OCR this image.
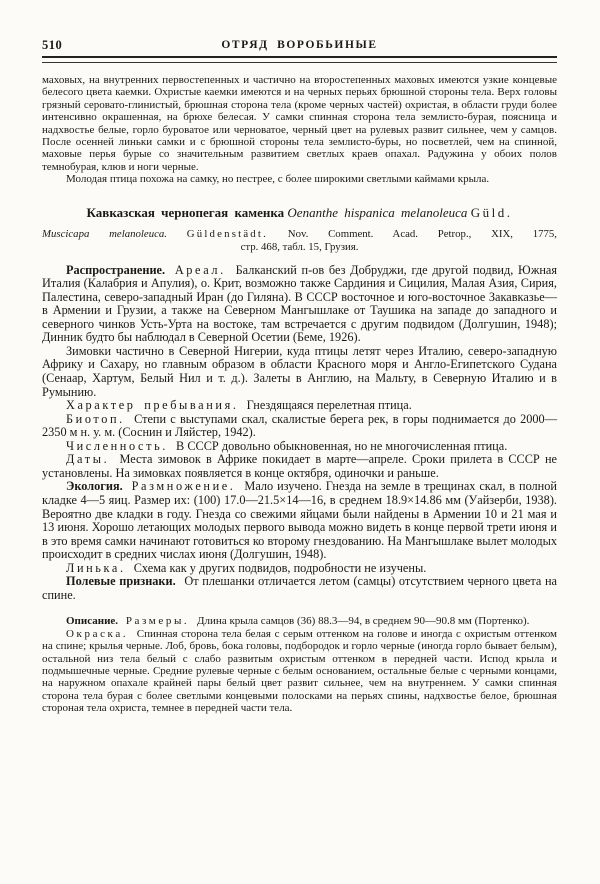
510	ОТРЯД ВОРОБЬИНЫЕ

маховых, на внутренних первостепенных и частично на второстепенных маховых имеются узкие концевые белесого цвета каемки. Охристые каемки имеются и на черных перьях брюшной стороны тела. Верх головы грязный серовато-глинистый, брюшная сторона тела (кроме черных частей) охристая, в области груди более интенсивно окрашенная, на брюхе белесая. У самки спинная сторона тела землисто-бурая, поясница и надхвостье белые, горло буроватое или черноватое, черный цвет на рулевых развит сильнее, чем у самцов. После осенней линьки самки и с брюшной стороны тела землисто-буры, но посветлей, чем на спинной, маховые перья бурые со значительным развитием светлых краев опахал. Радужина у обоих полов темнобурая, клюв и ноги черные.

Молодая птица похожа на самку, но пестрее, с более широкими светлыми каймами крыла.

Кавказская чернопегая каменка Oenanthe hispanica melanoleuca Güld.

Muscicapa melanoleuca. Güldenstädt. Nov. Comment. Acad. Petrop., XIX, 1775,
стр. 468, табл. 15, Грузия.

Распространение. Ареал. Балканский п-ов без Добруджи, где другой подвид, Южная Италия (Калабрия и Апулия), о. Крит, возможно также Сардиния и Сицилия, Малая Азия, Сирия, Палестина, северо-западный Иран (до Гиляна). В СССР восточное и юго-восточное Закавказье—в Армении и Грузии, а также на Северном Мангышлаке от Таушика на западе до западного и северного чинков Усть-Урта на востоке, там встречается с другим подвидом (Долгушин, 1948); Динник будто бы наблюдал в Северной Осетии (Беме, 1926).

Зимовки частично в Северной Нигерии, куда птицы летят через Италию, северо-западную Африку и Сахару, но главным образом в области Красного моря и Англо-Египетского Судана (Сенаар, Хартум, Белый Нил и т. д.). Залеты в Англию, на Мальту, в Северную Италию и в Румынию.

Характер пребывания. Гнездящаяся перелетная птица.

Биотоп. Степи с выступами скал, скалистые берега рек, в горы поднимается до 2000—2350 м н. у. м. (Соснин и Ляйстер, 1942).

Численность. В СССР довольно обыкновенная, но не многочисленная птица.

Даты. Места зимовок в Африке покидает в марте—апреле. Сроки прилета в СССР не установлены. На зимовках появляется в конце октября, одиночки и раньше.

Экология. Размножение. Мало изучено. Гнезда на земле в трещинах скал, в полной кладке 4—5 яиц. Размер их: (100) 17.0—21.5×14—16, в среднем 18.9×14.86 мм (Уайзерби, 1938). Вероятно две кладки в году. Гнезда со свежими яйцами были найдены в Армении 10 и 21 мая и 13 июня. Хорошо летающих молодых первого вывода можно видеть в конце первой трети июня и в это время самки начинают готовиться ко второму гнездованию. На Мангышлаке вылет молодых происходит в средних числах июня (Долгушин, 1948).

Линька. Схема как у других подвидов, подробности не изучены.

Полевые признаки. От плешанки отличается летом (самцы) отсутствием черного цвета на спине.

Описание. Размеры. Длина крыла самцов (36) 88.3—94, в среднем 90—90.8 мм (Портенко).

Окраска. Спинная сторона тела белая с серым оттенком на голове и иногда с охристым оттенком на спине; крылья черные. Лоб, бровь, бока головы, подбородок и горло черные (иногда горло бывает белым), остальной низ тела белый с слабо развитым охристым оттенком в передней части. Испод крыла и подмышечные черные. Средние рулевые черные с белым основанием, остальные белые с черными концами, на наружном опахале крайней пары белый цвет развит сильнее, чем на внутреннем. У самки спинная сторона тела бурая с более светлыми концевыми полосками на перьях спины, надхвостье белое, брюшная стороная тела охриста, темнее в передней части тела.
